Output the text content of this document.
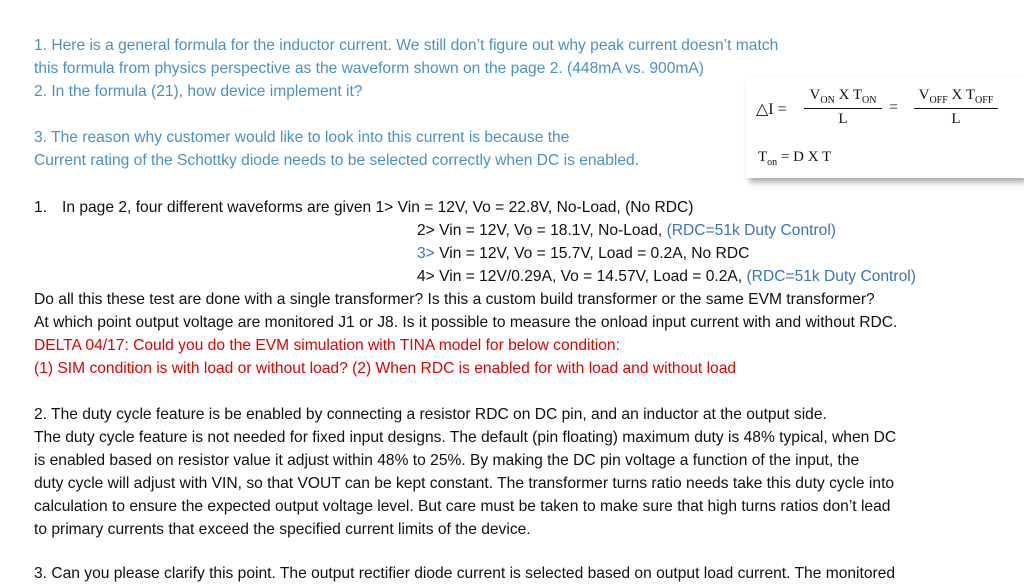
1. Here is a general formula for the inductor current. We still don’t figure out why peak current doesn’t match
this formula from physics perspective as the waveform shown on the page 2. (448mA vs. 900mA)
2. In the formula (21), how device implement it?
3. The reason why customer would like to look into this current is because the
Current rating of the Schottky diode needs to be selected correctly when DC is enabled.
△I =
$V_{ON}$ X $T_{ON}$
L
=
$V_{OFF}$ X $T_{OFF}$
L
$T_{on} = D$ X T
1. In page 2, four different waveforms are given 1> Vin = 12V, Vo = 22.8V, No-Load, (No RDC)
2> Vin = 12V, Vo = 18.1V, No-Load, (RDC=51k Duty Control)
3> Vin = 12V, Vo = 15.7V, Load = 0.2A, No RDC
4> Vin = 12V/0.29A, Vo = 14.57V, Load = 0.2A, (RDC=51k Duty Control)
Do all this these test are done with a single transformer? Is this a custom build transformer or the same EVM transformer?
At which point output voltage are monitored J1 or J8. Is it possible to measure the onload input current with and without RDC.
DELTA 04/17: Could you do the EVM simulation with TINA model for below condition:
(1) SIM condition is with load or without load? (2) When RDC is enabled for with load and without load
2. The duty cycle feature is be enabled by connecting a resistor RDC on DC pin, and an inductor at the output side.
The duty cycle feature is not needed for fixed input designs. The default (pin floating) maximum duty is 48% typical, when DC
is enabled based on resistor value it adjust within 48% to 25%. By making the DC pin voltage a function of the input, the
duty cycle will adjust with VIN, so that VOUT can be kept constant. The transformer turns ratio needs take this duty cycle into
calculation to ensure the expected output voltage level. But care must be taken to make sure that high turns ratios don’t lead
to primary currents that exceed the specified current limits of the device.
3. Can you please clarify this point. The output rectifier diode current is selected based on output load current. The monitored
